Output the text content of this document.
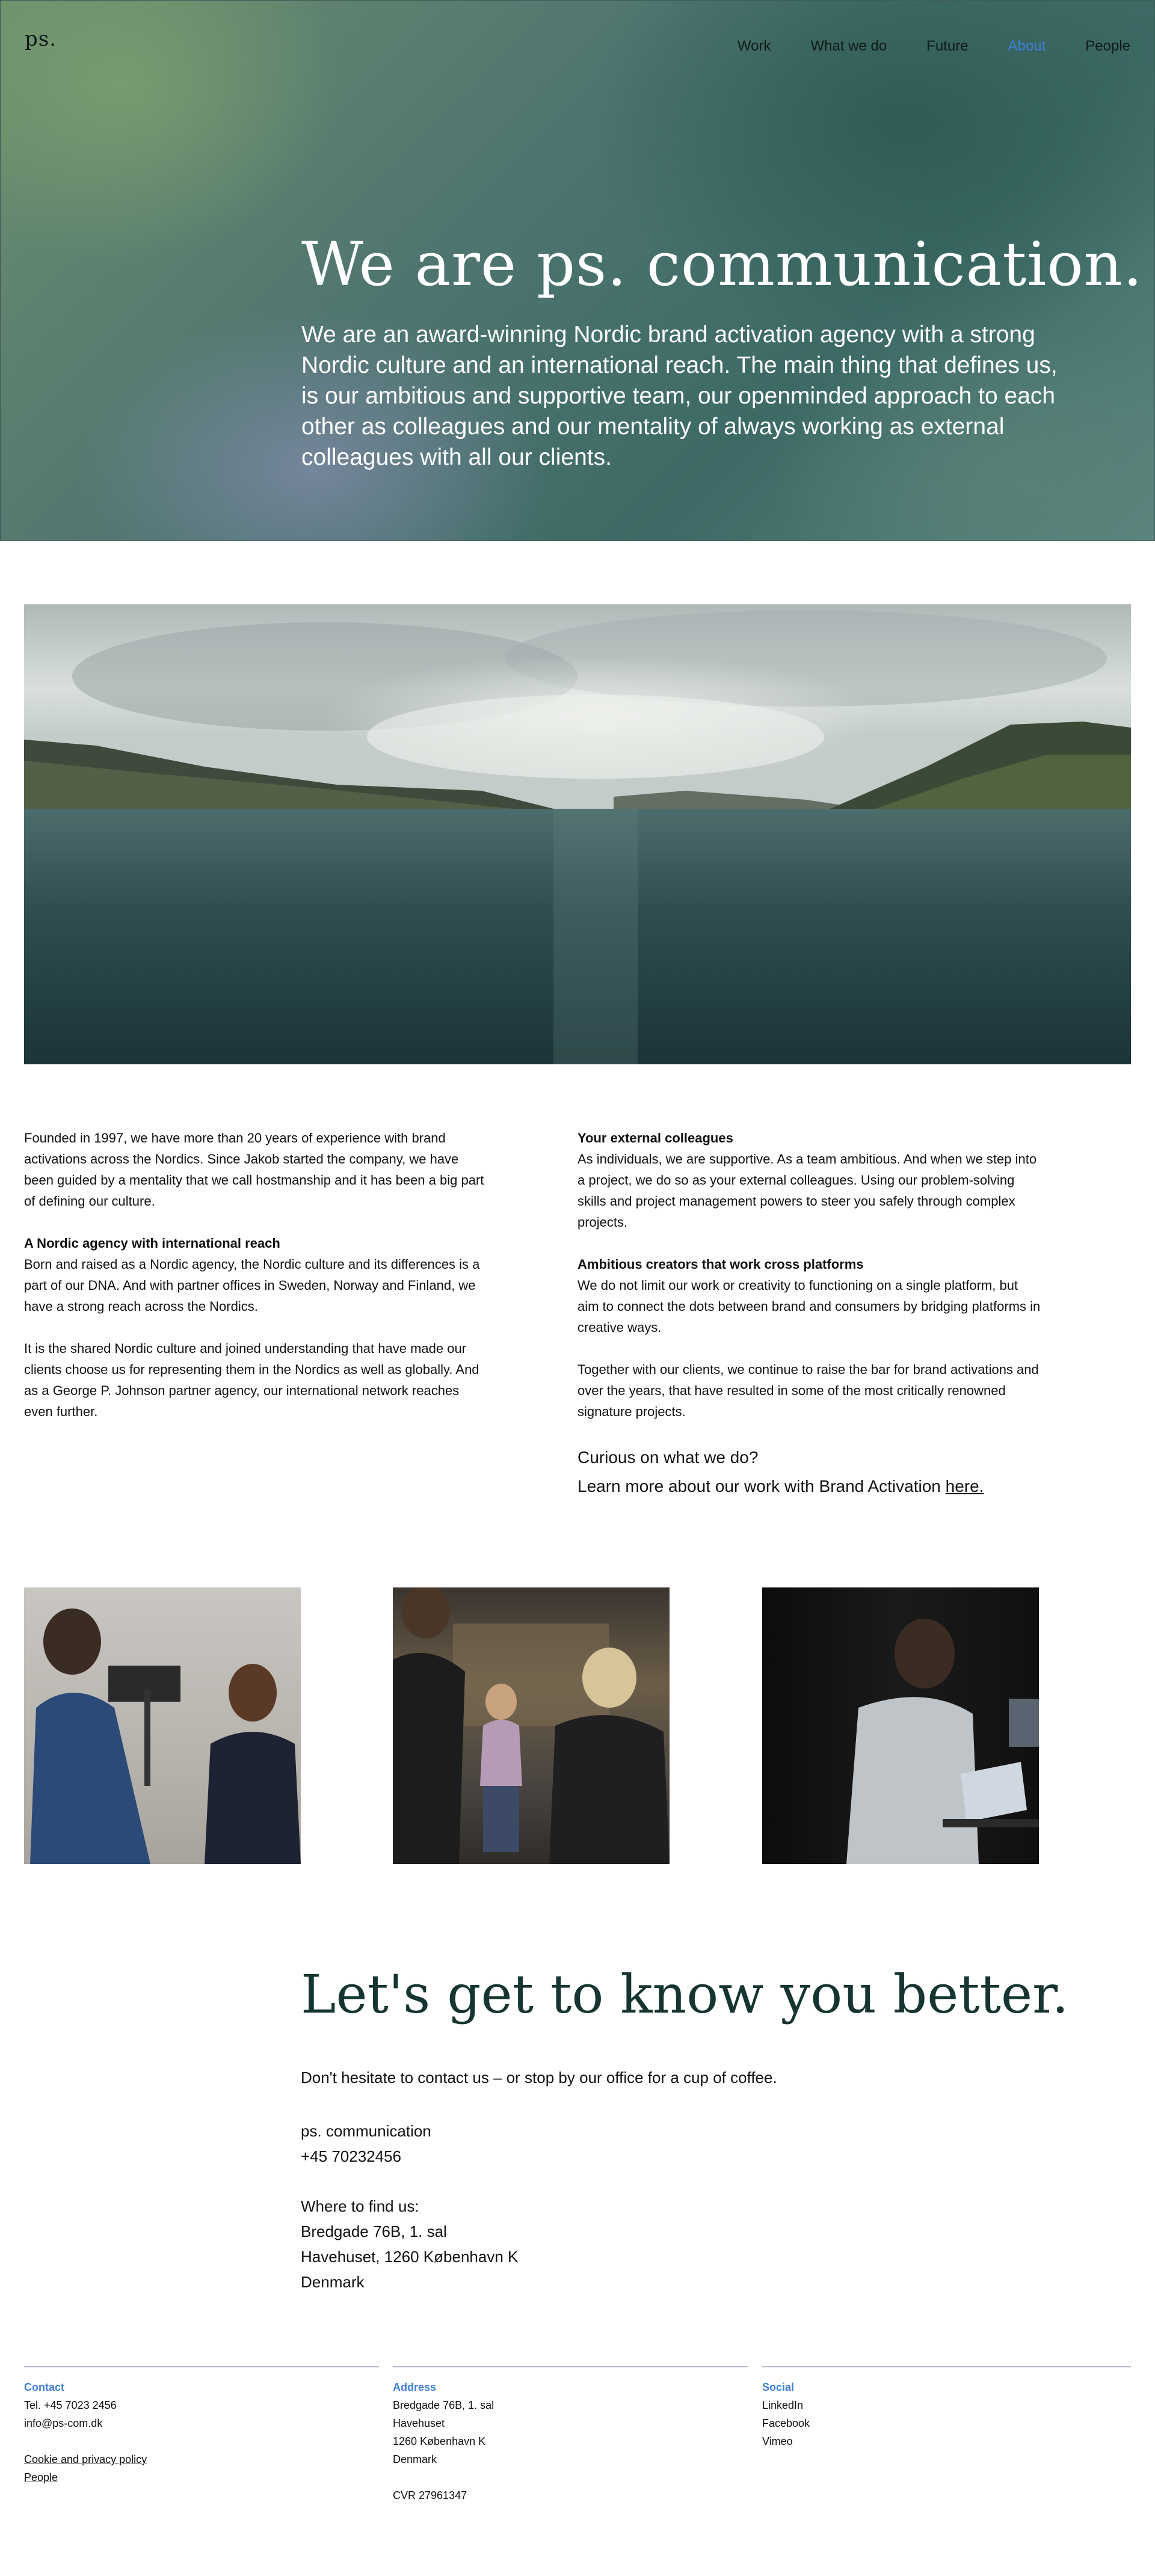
ps.	Work	What we do	Future	About	People
We are ps. communication.

We are an award-winning Nordic brand activation agency with a strong Nordic culture and an international reach. The main thing that defines us, is our ambitious and supportive team, our openminded approach to each other as colleagues and our mentality of always working as external colleagues with all our clients.

Founded in 1997, we have more than 20 years of experience with brand activations across the Nordics. Since Jakob started the company, we have been guided by a mentality that we call hostmanship and it has been a big part of defining our culture.

A Nordic agency with international reach
Born and raised as a Nordic agency, the Nordic culture and its differences is a part of our DNA. And with partner offices in Sweden, Norway and Finland, we have a strong reach across the Nordics.

It is the shared Nordic culture and joined understanding that have made our clients choose us for representing them in the Nordics as well as globally. And as a George P. Johnson partner agency, our international network reaches even further.

Your external colleagues
As individuals, we are supportive. As a team ambitious. And when we step into a project, we do so as your external colleagues. Using our problem-solving skills and project management powers to steer you safely through complex projects.

Ambitious creators that work cross platforms
We do not limit our work or creativity to functioning on a single platform, but aim to connect the dots between brand and consumers by bridging platforms in creative ways.

Together with our clients, we continue to raise the bar for brand activations and over the years, that have resulted in some of the most critically renowned signature projects.

Curious on what we do?
Learn more about our work with Brand Activation here.
Let's get to know you better.

Don't hesitate to contact us – or stop by our office for a cup of coffee.

ps. communication
+45 70232456
Where to find us:
Bredgade 76B, 1. sal
Havehuset, 1260 København K
Denmark
Contact
Tel. +45 7023 2456
info@ps-com.dk
Cookie and privacy policy
People
Address
Bredgade 76B, 1. sal
Havehuset
1260 København K
Denmark
CVR 27961347
Social
LinkedIn
Facebook
Vimeo
